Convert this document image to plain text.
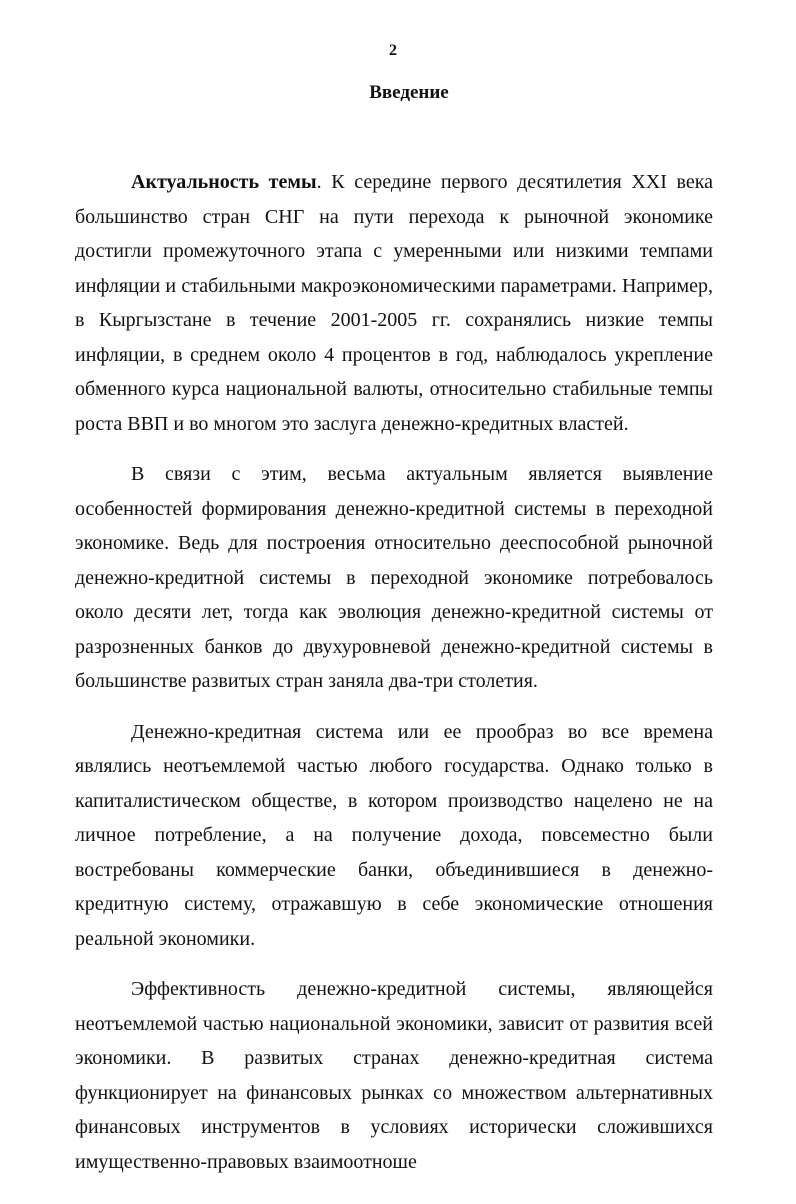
2
Введение

Актуальность темы. К середине первого десятилетия XXI века большинство стран СНГ на пути перехода к рыночной экономике достигли промежуточного этапа с умеренными или низкими темпами инфляции и стабильными макроэкономическими параметрами. Например, в Кыргызстане в течение 2001-2005 гг. сохранялись низкие темпы инфляции, в среднем около 4 процентов в год, наблюдалось укрепление обменного курса национальной валюты, относительно стабильные темпы роста ВВП и во многом это заслуга денежно-кредитных властей.

В связи с этим, весьма актуальным является выявление особенностей формирования денежно-кредитной системы в переходной экономике. Ведь для построения относительно дееспособной рыночной денежно-кредитной системы в переходной экономике потребовалось около десяти лет, тогда как эволюция денежно-кредитной системы от разрозненных банков до двухуровневой денежно-кредитной системы в большинстве развитых стран заняла два-три столетия.

Денежно-кредитная система или ее прообраз во все времена являлись неотъемлемой частью любого государства. Однако только в капиталистическом обществе, в котором производство нацелено не на личное потребление, а на получение дохода, повсеместно были востребованы коммерческие банки, объединившиеся в денежно-кредитную систему, отражавшую в себе экономические отношения реальной экономики.

Эффективность денежно-кредитной системы, являющейся неотъемлемой частью национальной экономики, зависит от развития всей экономики. В развитых странах денежно-кредитная система функционирует на финансовых рынках со множеством альтернативных финансовых инструментов в условиях исторически сложившихся имущественно-правовых взаимоотноше
